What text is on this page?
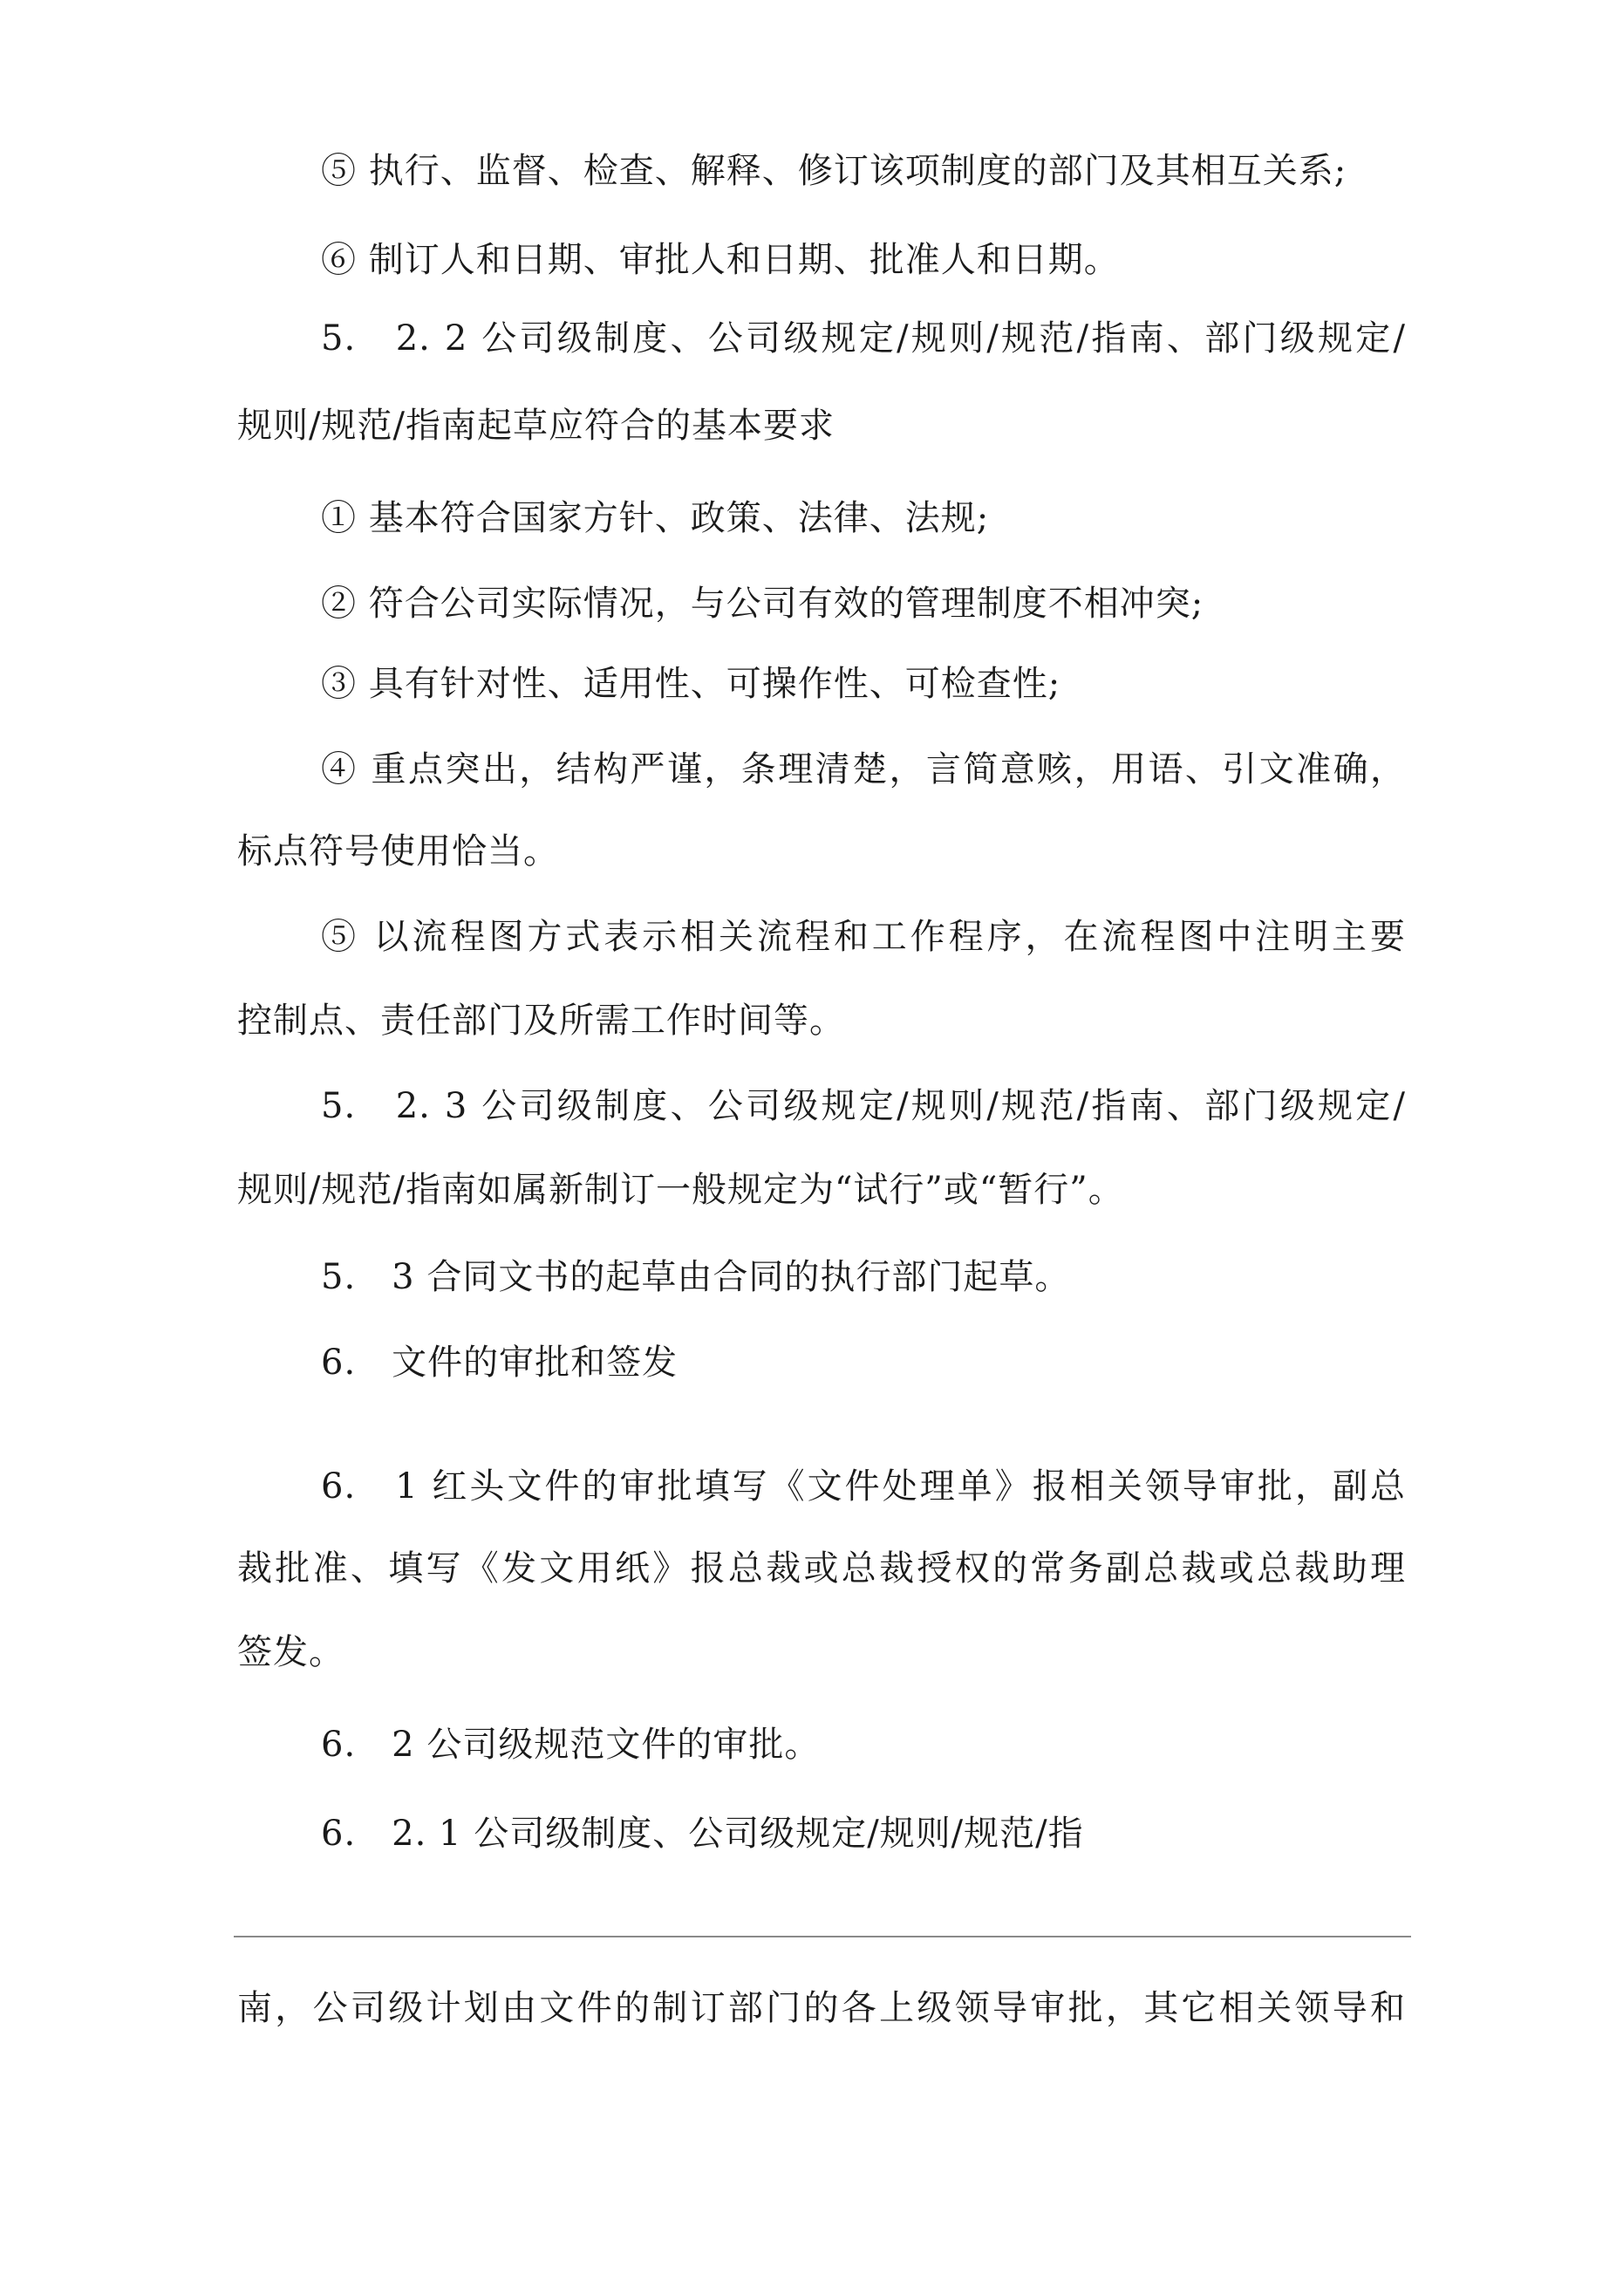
⑤ 执行、监督、检查、解释、修订该项制度的部门及其相互关系;
⑥ 制订人和日期、审批人和日期、批准人和日期。
5.　2. 2 公司级制度、公司级规定/规则/规范/指南、部门级规定/
规则/规范/指南起草应符合的基本要求
① 基本符合国家方针、政策、法律、法规;
② 符合公司实际情况，与公司有效的管理制度不相冲突;
③ 具有针对性、适用性、可操作性、可检查性;
④ 重点突出，结构严谨，条理清楚，言简意赅，用语、引文准确，
标点符号使用恰当。
⑤ 以流程图方式表示相关流程和工作程序，在流程图中注明主要
控制点、责任部门及所需工作时间等。
5.　2. 3 公司级制度、公司级规定/规则/规范/指南、部门级规定/
规则/规范/指南如属新制订一般规定为“试行”或“暂行”。
5.　3 合同文书的起草由合同的执行部门起草。
6.　文件的审批和签发
6.　1 红头文件的审批填写《文件处理单》报相关领导审批，副总
裁批准、填写《发文用纸》报总裁或总裁授权的常务副总裁或总裁助理
签发。
6.　2 公司级规范文件的审批。
6.　2. 1 公司级制度、公司级规定/规则/规范/指
南，公司级计划由文件的制订部门的各上级领导审批，其它相关领导和
